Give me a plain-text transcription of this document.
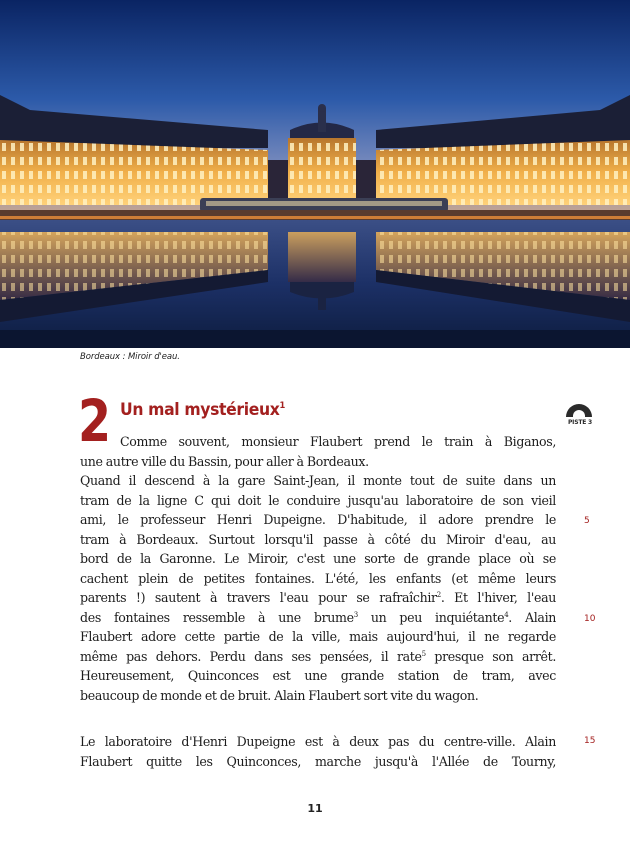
Bordeaux : Miroir d'eau.
2 Un mal mystérieux$^1$
PISTE 3
Comme souvent, monsieur Flaubert prend le train à Biganos,
une autre ville du Bassin, pour aller à Bordeaux.
Quand il descend à la gare Saint-Jean, il monte tout de suite dans un
tram de la ligne C qui doit le conduire jusqu'au laboratoire de son vieil
ami, le professeur Henri Dupeigne. D'habitude, il adore prendre le
tram à Bordeaux. Surtout lorsqu'il passe à côté du Miroir d'eau, au
bord de la Garonne. Le Miroir, c'est une sorte de grande place où se
cachent plein de petites fontaines. L'été, les enfants (et même leurs
parents !) sautent à travers l'eau pour se rafraîchir$^2$. Et l'hiver, l'eau
des fontaines ressemble à une brume$^3$ un peu inquiétante$^4$. Alain
Flaubert adore cette partie de la ville, mais aujourd'hui, il ne regarde
même pas dehors. Perdu dans ses pensées, il rate$^5$ presque son arrêt.
Heureusement, Quinconces est une grande station de tram, avec
beaucoup de monde et de bruit. Alain Flaubert sort vite du wagon.
Le laboratoire d'Henri Dupeigne est à deux pas du centre-ville. Alain
Flaubert quitte les Quinconces, marche jusqu'à l'Allée de Tourny,
5
10
15
11
